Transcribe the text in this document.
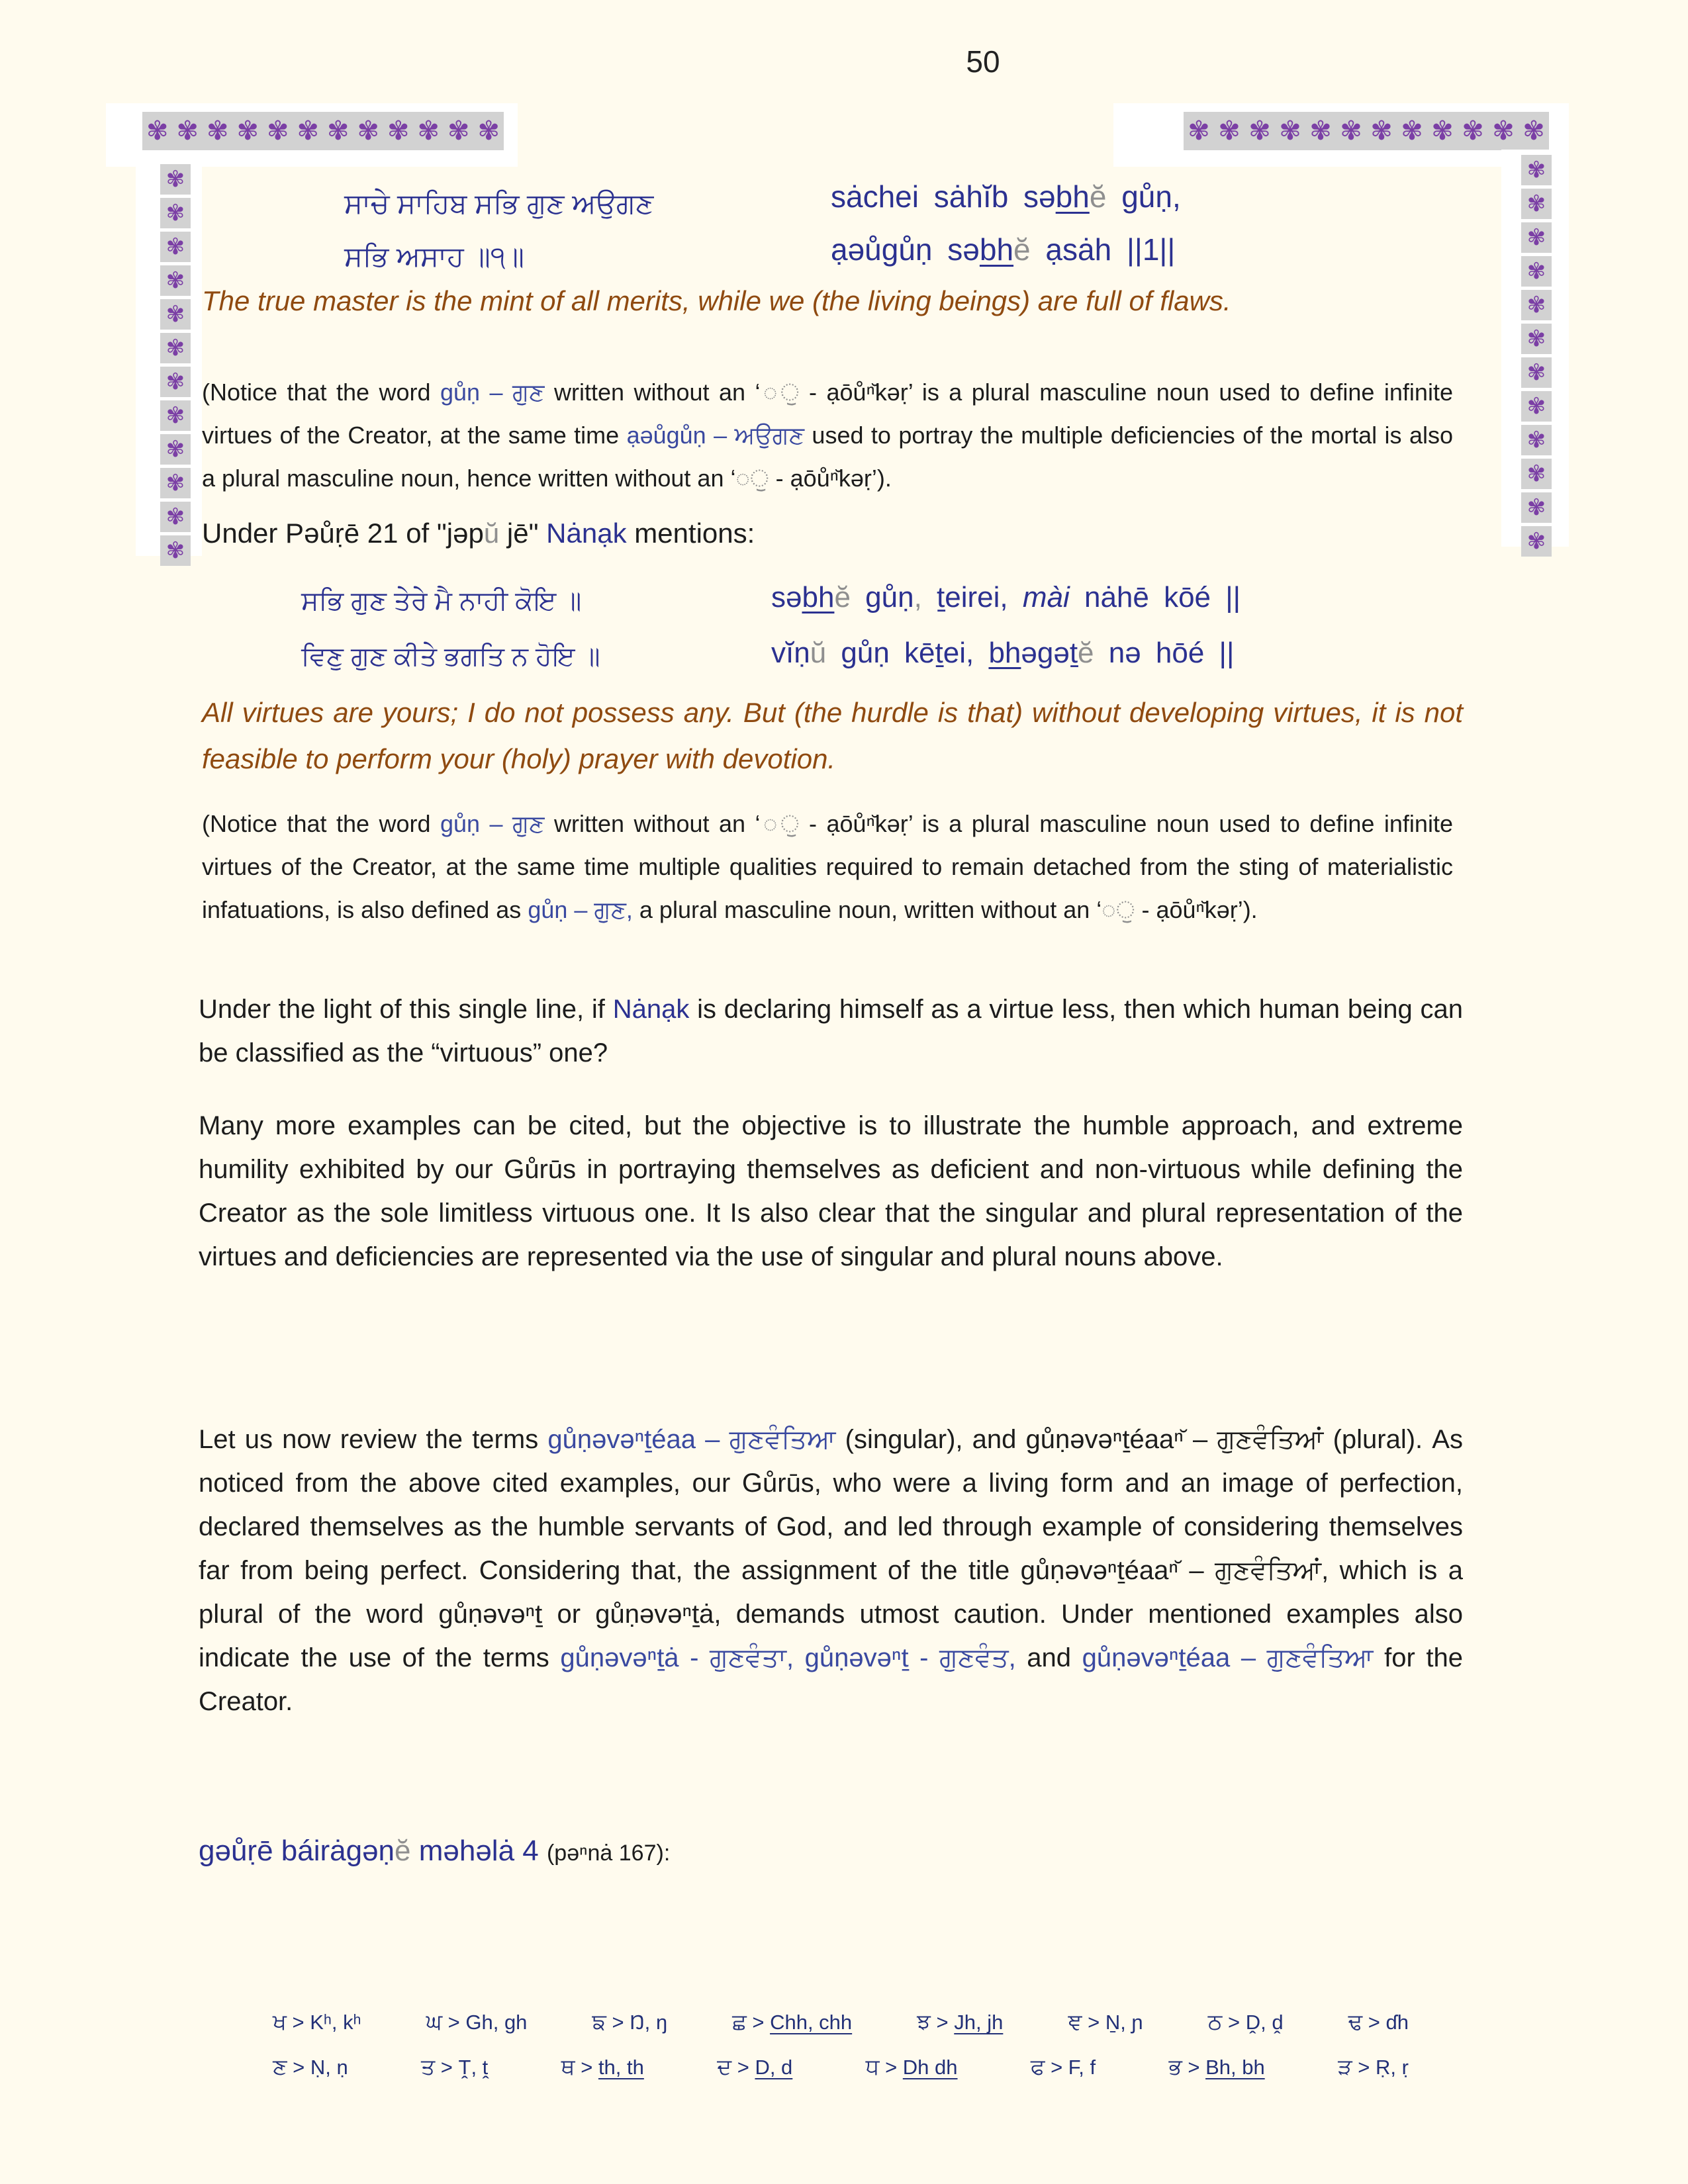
50
✾ ✾ ✾ ✾ ✾ ✾ ✾ ✾ ✾ ✾ ✾ ✾	✾ ✾ ✾ ✾ ✾ ✾ ✾ ✾ ✾ ✾ ✾ ✾
✾
✾
✾
✾
✾
✾
✾
✾
✾
✾
✾
✾
✾
✾
✾
✾
✾
✾
✾
✾
✾
✾
✾
✾
ਸਾਚੇ ਸਾਹਿਬ ਸਭਿ ਗੁਣ ਅਉਗਣ
ਸਭਿ ਅਸਾਹ ॥੧॥
sȧchei sȧhĭb səbhĕ gůṇ,
ạəůgůṇ səbhĕ ạsȧh ||1||
The true master is the mint of all merits, while we (the living beings) are full of flaws.
(Notice that the word gůṇ – ਗੁਣ written without an ‘◌ੁ - ạōůⁿ̆kəṛ’ is a plural masculine noun used to define infinite virtues of the Creator, at the same time ạəůgůṇ – ਅਉਗਣ used to portray the multiple deficiencies of the mortal is also a plural masculine noun, hence written without an ‘◌ੁ - ạōůⁿ̆kəṛ’).
Under Pəůṛē 21 of "jəpŭ jē" Nȧnạk mentions:
ਸਭਿ ਗੁਣ ਤੇਰੇ ਮੈ ਨਾਹੀ ਕੋਇ ॥
ਵਿਣੁ ਗੁਣ ਕੀਤੇ ਭਗਤਿ ਨ ਹੋਇ ॥
səbhĕ gůṇ, ṯeirei, mài nȧhē kōé ||
vĭṇŭ gůṇ kēṯei, bhəgəṯĕ nə hōé ||
All virtues are yours; I do not possess any. But (the hurdle is that) without developing virtues, it is not feasible to perform your (holy) prayer with devotion.
(Notice that the word gůṇ – ਗੁਣ written without an ‘◌ੁ - ạōůⁿ̆kəṛ’ is a plural masculine noun used to define infinite virtues of the Creator, at the same time multiple qualities required to remain detached from the sting of materialistic infatuations, is also defined as gůṇ – ਗੁਣ, a plural masculine noun, written without an ‘◌ੁ - ạōůⁿ̆kəṛ’).
Under the light of this single line, if Nȧnạk is declaring himself as a virtue less, then which human being can be classified as the “virtuous” one?
Many more examples can be cited, but the objective is to illustrate the humble approach, and extreme humility exhibited by our Gůrūs in portraying themselves as deficient and non-virtuous while defining the Creator as the sole limitless virtuous one. It Is also clear that the singular and plural representation of the virtues and deficiencies are represented via the use of singular and plural nouns above.
Let us now review the terms gůṇəvəⁿṯéaa – ਗੁਣਵੰਤਿਆ (singular), and gůṇəvəⁿṯéaaⁿ̆ – ਗੁਣਵੰਤਿਆਂ (plural). As noticed from the above cited examples, our Gůrūs, who were a living form and an image of perfection, declared themselves as the humble servants of God, and led through example of considering themselves far from being perfect. Considering that, the assignment of the title gůṇəvəⁿṯéaaⁿ̆ – ਗੁਣਵੰਤਿਆਂ, which is a plural of the word gůṇəvəⁿṯ or gůṇəvəⁿṯȧ, demands utmost caution. Under mentioned examples also indicate the use of the terms gůṇəvəⁿṯȧ - ਗੁਣਵੰਤਾ, gůṇəvəⁿṯ - ਗੁਣਵੰਤ, and gůṇəvəⁿṯéaa – ਗੁਣਵੰਤਿਆ for the Creator.
gəůṛē báirȧgəṇĕ məhəlȧ 4 (pəⁿnȧ 167):
ਖ > Kʰ, kʰ	ਘ > Gh, gh	ਙ > Ŋ, ŋ	ਛ > Chh, chh	ਝ > Jh, jh	ਞ > Ṉ, ɲ	ਠ > Ḓ, ḓ	ਢ > ɗh
ਣ > Ṇ, ṇ	ਤ > Ṱ, ṱ	ਥ > th, th	ਦ > D, d	ਧ > Dh dh	ਫ > F, f	ਭ > Bh, bh	ੜ > Ṛ, ṛ
